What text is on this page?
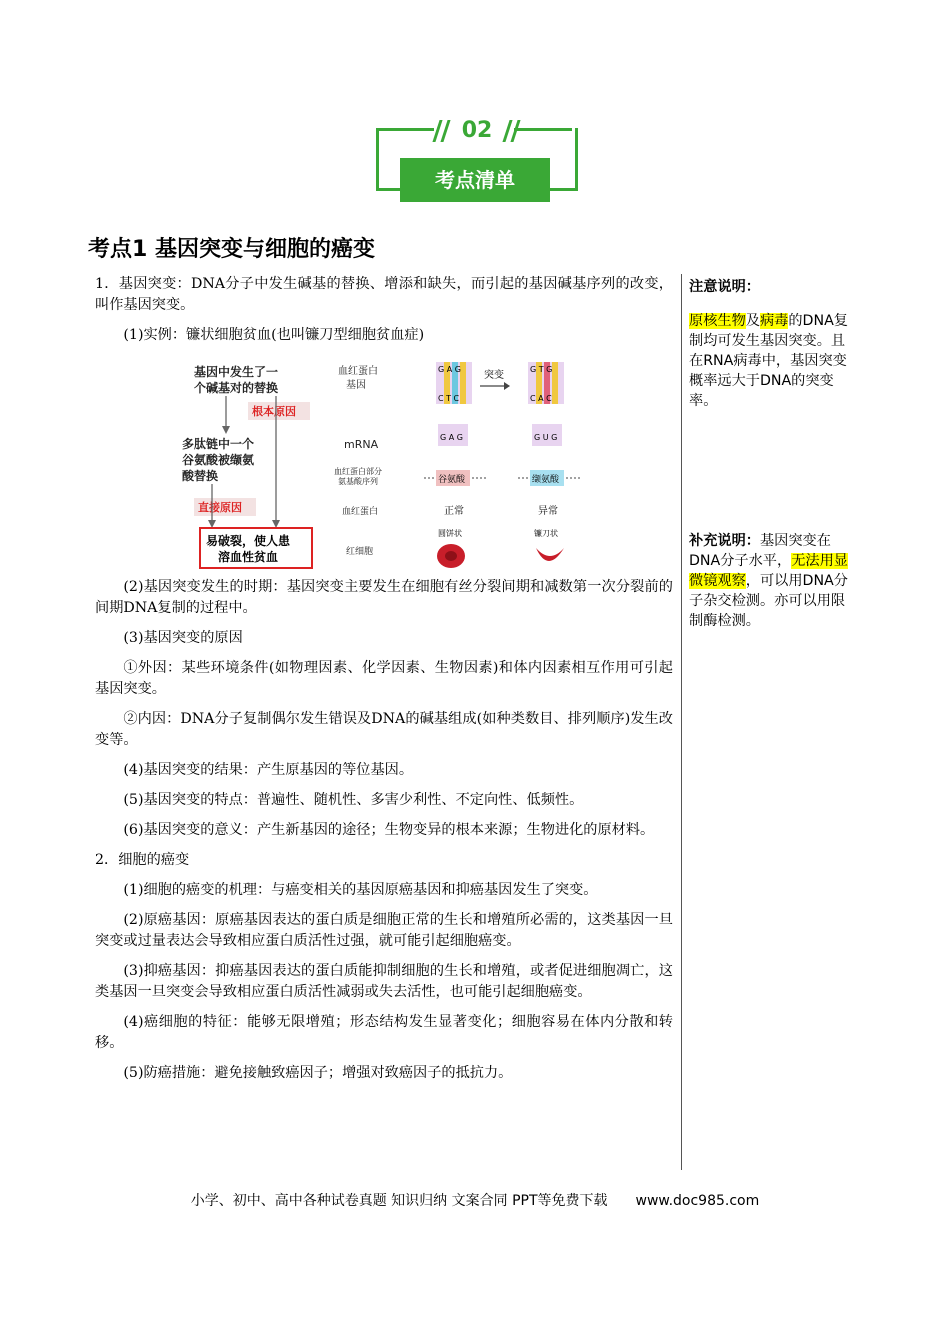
02
考点清单
考点1 基因突变与细胞的癌变

1．基因突变：DNA分子中发生碱基的替换、增添和缺失，而引起的基因碱基序列的改变，叫作基因突变。

(1)实例：镰状细胞贫血(也叫镰刀型细胞贫血症)

(2)基因突变发生的时期：基因突变主要发生在细胞有丝分裂间期和减数第一次分裂前的间期DNA复制的过程中。

(3)基因突变的原因

①外因：某些环境条件(如物理因素、化学因素、生物因素)和体内因素相互作用可引起基因突变。

②内因：DNA分子复制偶尔发生错误及DNA的碱基组成(如种类数目、排列顺序)发生改变等。

(4)基因突变的结果：产生原基因的等位基因。

(5)基因突变的特点：普遍性、随机性、多害少利性、不定向性、低频性。

(6)基因突变的意义：产生新基因的途径；生物变异的根本来源；生物进化的原材料。

2．细胞的癌变

(1)细胞的癌变的机理：与癌变相关的基因原癌基因和抑癌基因发生了突变。

(2)原癌基因：原癌基因表达的蛋白质是细胞正常的生长和增殖所必需的，这类基因一旦突变或过量表达会导致相应蛋白质活性过强，就可能引起细胞癌变。

(3)抑癌基因：抑癌基因表达的蛋白质能抑制细胞的生长和增殖，或者促进细胞凋亡，这类基因一旦突变会导致相应蛋白质活性减弱或失去活性，也可能引起细胞癌变。

(4)癌细胞的特征：能够无限增殖；形态结构发生显著变化；细胞容易在体内分散和转移。

(5)防癌措施：避免接触致癌因子；增强对致癌因子的抵抗力。

基因中发生了一
个碱基对的替换
多肽链中一个
谷氨酸被缬氨
酸替换
根本原因
直接原因
易破裂，使人患
溶血性贫血
血红蛋白
基因
mRNA
血红蛋白部分
氨基酸序列
血红蛋白
红细胞
G A G
C T C
突变
G T G
C A C
G A G	G U G
谷氨酸	缬氨酸
正常	异常
圆饼状	镰刀状

注意说明：

原核生物及病毒的DNA复制均可发生基因突变。且在RNA病毒中，基因突变概率远大于DNA的突变率。

补充说明：基因突变在DNA分子水平，无法用显微镜观察，可以用DNA分子杂交检测。亦可以用限制酶检测。

小学、初中、高中各种试卷真题 知识归纳 文案合同 PPT等免费下载 www.doc985.com
